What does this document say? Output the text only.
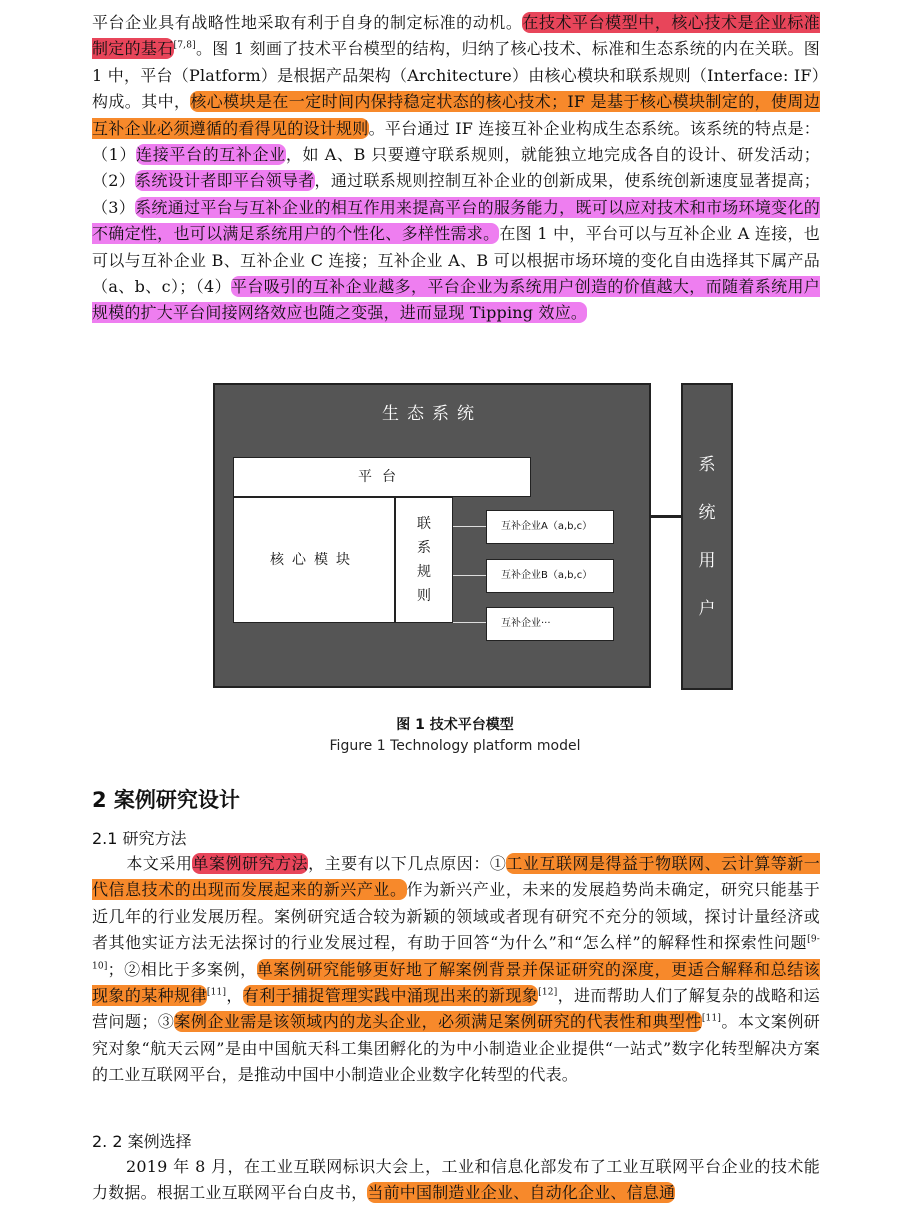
平台企业具有战略性地采取有利于自身的制定标准的动机。在技术平台模型中，核心技术是企业标准制定的基石[7,8]。图 1 刻画了技术平台模型的结构，归纳了核心技术、标准和生态系统的内在关联。图 1 中，平台（Platform）是根据产品架构（Architecture）由核心模块和联系规则（Interface: IF）构成。其中，核心模块是在一定时间内保持稳定状态的核心技术；IF 是基于核心模块制定的，使周边互补企业必须遵循的看得见的设计规则。平台通过 IF 连接互补企业构成生态系统。该系统的特点是：（1）连接平台的互补企业，如 A、B 只要遵守联系规则，就能独立地完成各自的设计、研发活动；（2）系统设计者即平台领导者，通过联系规则控制互补企业的创新成果，使系统创新速度显著提高；（3）系统通过平台与互补企业的相互作用来提高平台的服务能力，既可以应对技术和市场环境变化的不确定性，也可以满足系统用户的个性化、多样性需求。在图 1 中，平台可以与互补企业 A 连接，也可以与互补企业 B、互补企业 C 连接；互补企业 A、B 可以根据市场环境的变化自由选择其下属产品（a、b、c）；（4）平台吸引的互补企业越多，平台企业为系统用户创造的价值越大，而随着系统用户规模的扩大平台间接网络效应也随之变强，进而显现 Tipping 效应。
生态系统
平台
核心模块
联
系
规
则
互补企业A（a,b,c）
互补企业B（a,b,c）
互补企业···
系
统
用
户
图 1 技术平台模型
Figure 1 Technology platform model
2 案例研究设计
2.1 研究方法
本文采用单案例研究方法，主要有以下几点原因：①工业互联网是得益于物联网、云计算等新一代信息技术的出现而发展起来的新兴产业。作为新兴产业，未来的发展趋势尚未确定，研究只能基于近几年的行业发展历程。案例研究适合较为新颖的领域或者现有研究不充分的领域，探讨计量经济或者其他实证方法无法探讨的行业发展过程，有助于回答“为什么”和“怎么样”的解释性和探索性问题[9-10]；②相比于多案例，单案例研究能够更好地了解案例背景并保证研究的深度，更适合解释和总结该现象的某种规律[11]，有利于捕捉管理实践中涌现出来的新现象[12]，进而帮助人们了解复杂的战略和运营问题；③案例企业需是该领域内的龙头企业，必须满足案例研究的代表性和典型性[11]。本文案例研究对象“航天云网”是由中国航天科工集团孵化的为中小制造业企业提供“一站式”数字化转型解决方案的工业互联网平台，是推动中国中小制造业企业数字化转型的代表。
2. 2 案例选择
2019 年 8 月，在工业互联网标识大会上，工业和信息化部发布了工业互联网平台企业的技术能力数据。根据工业互联网平台白皮书，当前中国制造业企业、自动化企业、信息通
